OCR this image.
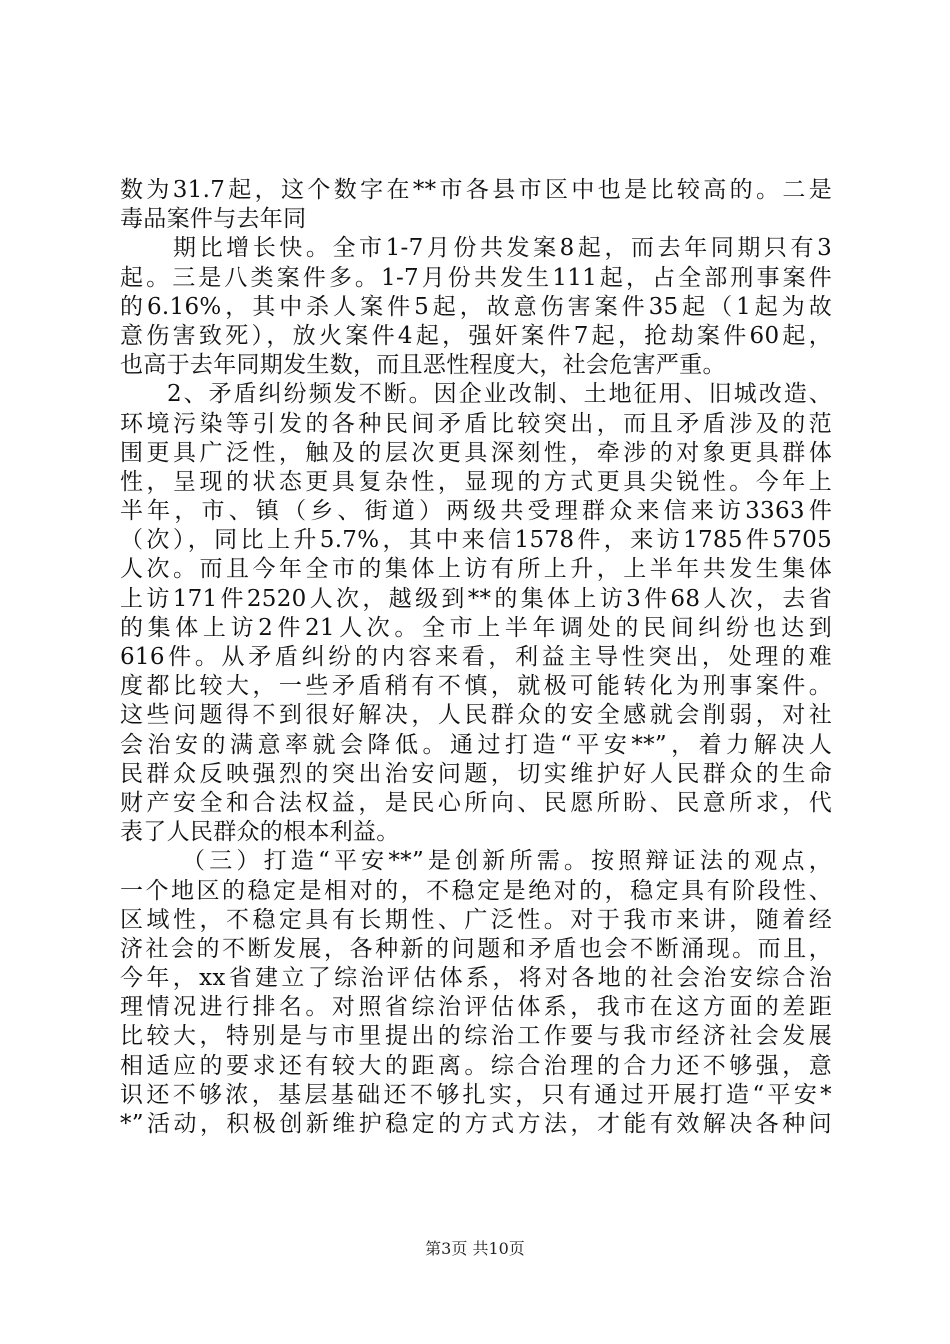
数为31.7起，这个数字在**市各县市区中也是比较高的。二是
毒品案件与去年同
期比增长快。全市1-7月份共发案8起，而去年同期只有3
起。三是八类案件多。1-7月份共发生111起，占全部刑事案件
的6.16%，其中杀人案件5起，故意伤害案件35起（1起为故
意伤害致死），放火案件4起，强奸案件7起，抢劫案件60起，
也高于去年同期发生数，而且恶性程度大，社会危害严重。
2、矛盾纠纷频发不断。因企业改制、土地征用、旧城改造、
环境污染等引发的各种民间矛盾比较突出，而且矛盾涉及的范
围更具广泛性，触及的层次更具深刻性，牵涉的对象更具群体
性，呈现的状态更具复杂性，显现的方式更具尖锐性。今年上
半年，市、镇（乡、街道）两级共受理群众来信来访3363件
（次），同比上升5.7%，其中来信1578件，来访1785件5705
人次。而且今年全市的集体上访有所上升，上半年共发生集体
上访171件2520人次，越级到**的集体上访3件68人次，去省
的集体上访2件21人次。全市上半年调处的民间纠纷也达到
616件。从矛盾纠纷的内容来看，利益主导性突出，处理的难
度都比较大，一些矛盾稍有不慎，就极可能转化为刑事案件。
这些问题得不到很好解决，人民群众的安全感就会削弱，对社
会治安的满意率就会降低。通过打造“平安**”，着力解决人
民群众反映强烈的突出治安问题，切实维护好人民群众的生命
财产安全和合法权益，是民心所向、民愿所盼、民意所求，代
表了人民群众的根本利益。
（三）打造“平安**”是创新所需。按照辩证法的观点，
一个地区的稳定是相对的，不稳定是绝对的，稳定具有阶段性、
区域性，不稳定具有长期性、广泛性。对于我市来讲，随着经
济社会的不断发展，各种新的问题和矛盾也会不断涌现。而且，
今年，xx省建立了综治评估体系，将对各地的社会治安综合治
理情况进行排名。对照省综治评估体系，我市在这方面的差距
比较大，特别是与市里提出的综治工作要与我市经济社会发展
相适应的要求还有较大的距离。综合治理的合力还不够强，意
识还不够浓，基层基础还不够扎实，只有通过开展打造“平安*
*”活动，积极创新维护稳定的方式方法，才能有效解决各种问
第3页 共10页
